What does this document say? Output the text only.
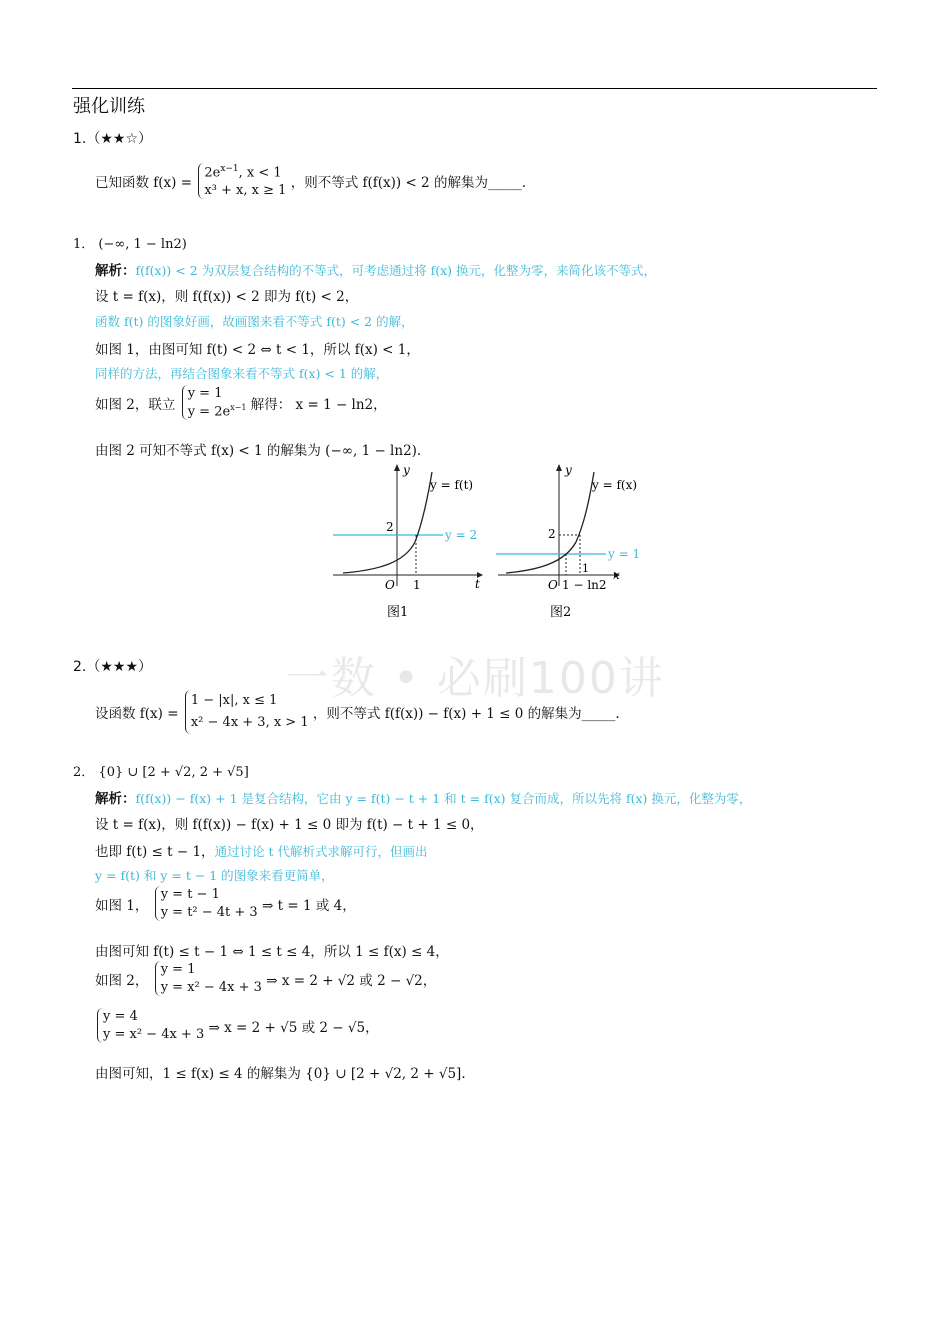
强化训练
一数 • 必刷100讲
1.（★★☆）
已知函数 f(x) =
$2e^{x-1}$, x < 1
x³ + x, x ≥ 1 ，则不等式 f(f(x)) < 2 的解集为_____.
1． (−∞, 1 − ln2)
解析：f(f(x)) < 2 为双层复合结构的不等式，可考虑通过将 f(x) 换元，化整为零，来简化该不等式，
设 t = f(x)，则 f(f(x)) < 2 即为 f(t) < 2，
函数 f(t) 的图象好画，故画图来看不等式 f(t) < 2 的解，
如图 1，由图可知 f(t) < 2 ⇔ t < 1，所以 f(x) < 1，
同样的方法，再结合图象来看不等式 f(x) < 1 的解，
如图 2，联立
y = 1
$y = 2e^{x-1}$ 解得： x = 1 − ln2，
由图 2 可知不等式 f(x) < 1 的解集为 (−∞, 1 − ln2).
y
t
y = f(t)
y = 2
2
1
O
图1
y
x
y = f(x)
y = 1
2
1
1 − ln2
O
图2
2.（★★★）
设函数 f(x) =
1 − |x|, x ≤ 1
x² − 4x + 3, x > 1
，则不等式 f(f(x)) − f(x) + 1 ≤ 0 的解集为_____.
2． {0} ∪ [2 + √2, 2 + √5]
解析：f(f(x)) − f(x) + 1 是复合结构，它由 y = f(t) − t + 1 和 t = f(x) 复合而成，所以先将 f(x) 换元，化整为零，
设 t = f(x)，则 f(f(x)) − f(x) + 1 ≤ 0 即为 f(t) − t + 1 ≤ 0，
也即 f(t) ≤ t − 1，通过讨论 t 代解析式求解可行，但画出
y = f(t) 和 y = t − 1 的图象来看更简单，
如图 1，
y = t − 1
y = t² − 4t + 3 ⇒ t = 1 或 4，
由图可知 f(t) ≤ t − 1 ⇔ 1 ≤ t ≤ 4，所以 1 ≤ f(x) ≤ 4，
如图 2，
y = 1
y = x² − 4x + 3 ⇒ x = 2 + √2 或 2 − √2，
y = 4
y = x² − 4x + 3 ⇒ x = 2 + √5 或 2 − √5，
由图可知，1 ≤ f(x) ≤ 4 的解集为 {0} ∪ [2 + √2, 2 + √5].
